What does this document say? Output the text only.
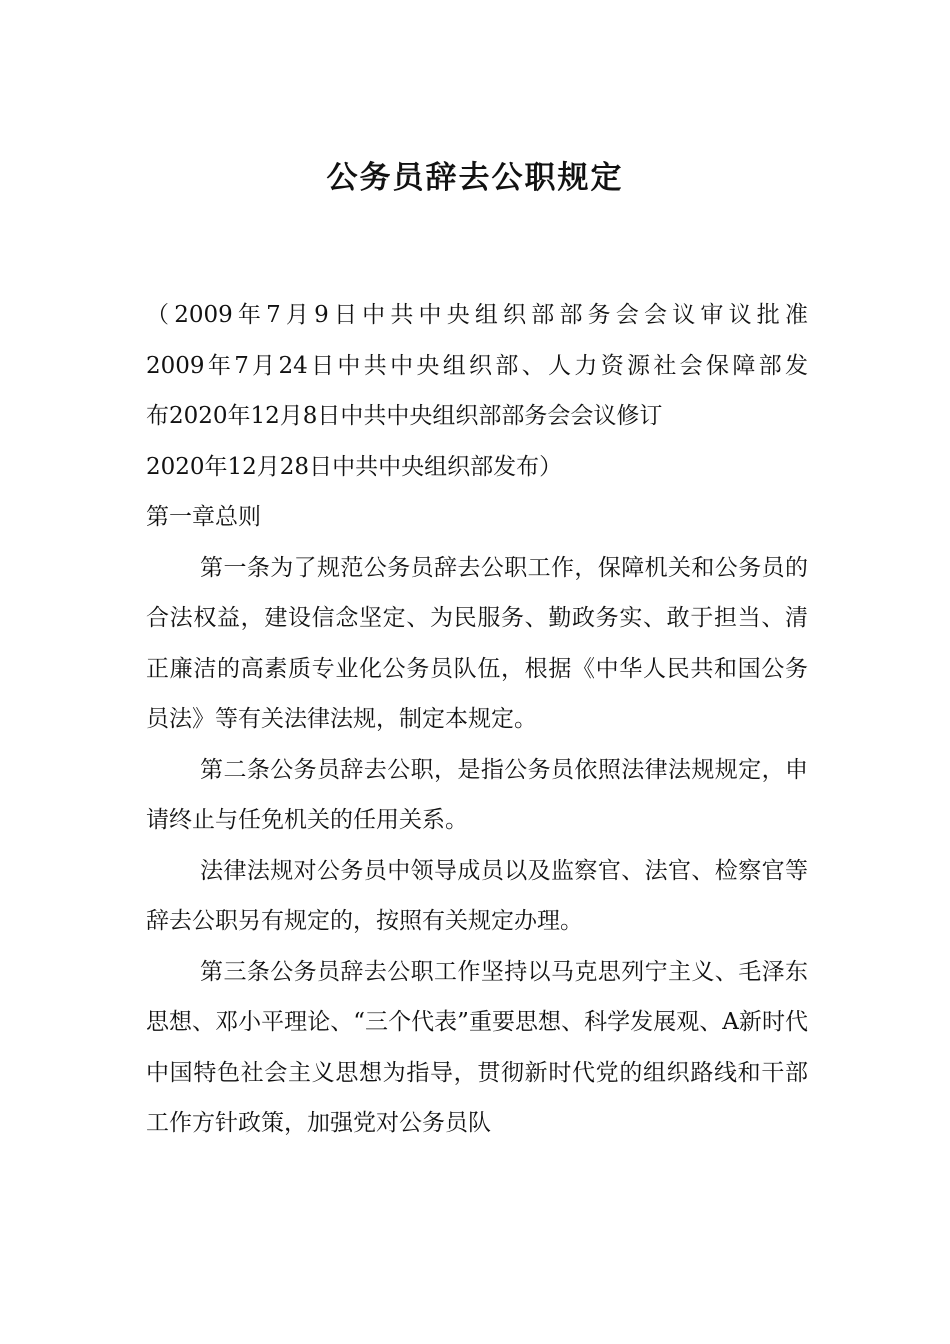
公务员辞去公职规定

（2009年7月9日中共中央组织部部务会会议审议批准

2009年7月24日中共中央组织部、人力资源社会保障部发

布2020年12月8日中共中央组织部部务会会议修订

2020年12月28日中共中央组织部发布）

第一章总则

第一条为了规范公务员辞去公职工作，保障机关和公务员的合法权益，建设信念坚定、为民服务、勤政务实、敢于担当、清正廉洁的高素质专业化公务员队伍，根据《中华人民共和国公务员法》等有关法律法规，制定本规定。

第二条公务员辞去公职，是指公务员依照法律法规规定，申请终止与任免机关的任用关系。

法律法规对公务员中领导成员以及监察官、法官、检察官等辞去公职另有规定的，按照有关规定办理。

第三条公务员辞去公职工作坚持以马克思列宁主义、毛泽东思想、邓小平理论、“三个代表”重要思想、科学发展观、A新时代中国特色社会主义思想为指导，贯彻新时代党的组织路线和干部工作方针政策，加强党对公务员队
